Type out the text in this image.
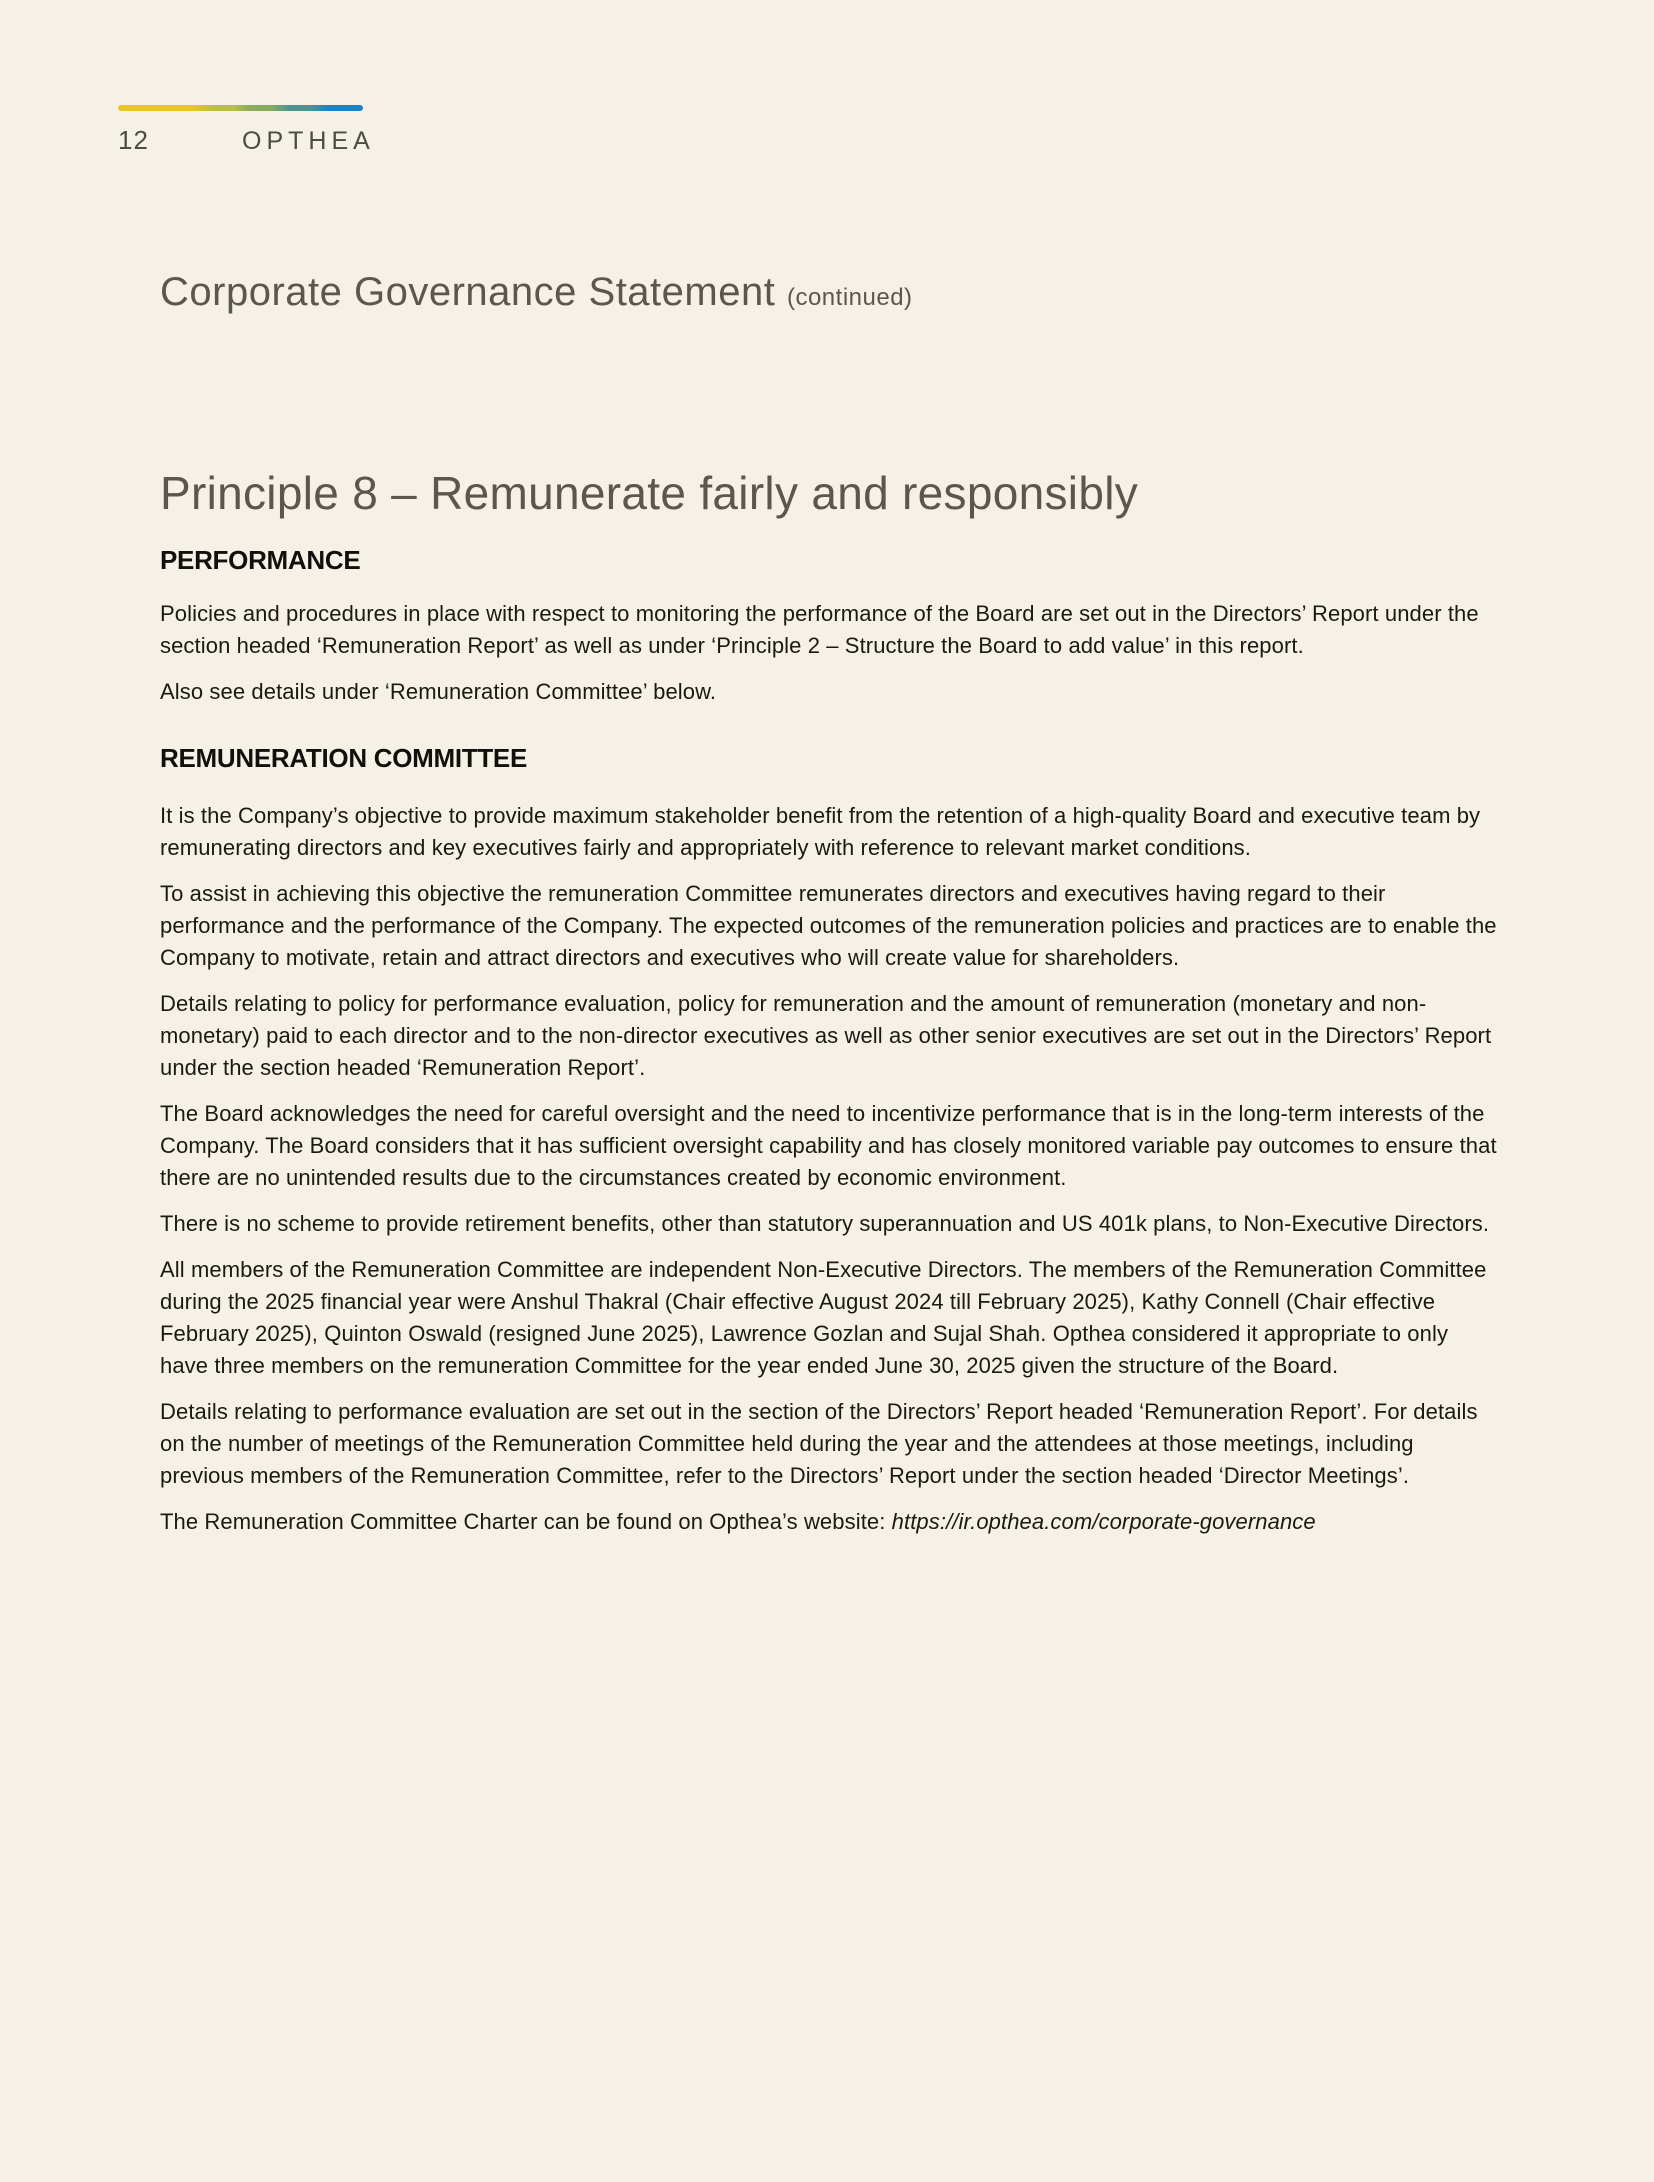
12	OPTHEA
Corporate Governance Statement (continued)
Principle 8 – Remunerate fairly and responsibly
PERFORMANCE

Policies and procedures in place with respect to monitoring the performance of the Board are set out in the Directors’ Report under the section headed ‘Remuneration Report’ as well as under ‘Principle 2 – Structure the Board to add value’ in this report.

Also see details under ‘Remuneration Committee’ below.

REMUNERATION COMMITTEE

It is the Company’s objective to provide maximum stakeholder benefit from the retention of a high-quality Board and executive team by remunerating directors and key executives fairly and appropriately with reference to relevant market conditions.

To assist in achieving this objective the remuneration Committee remunerates directors and executives having regard to their performance and the performance of the Company. The expected outcomes of the remuneration policies and practices are to enable the Company to motivate, retain and attract directors and executives who will create value for shareholders.

Details relating to policy for performance evaluation, policy for remuneration and the amount of remuneration (monetary and non-monetary) paid to each director and to the non-director executives as well as other senior executives are set out in the Directors’ Report under the section headed ‘Remuneration Report’.

The Board acknowledges the need for careful oversight and the need to incentivize performance that is in the long-term interests of the Company. The Board considers that it has sufficient oversight capability and has closely monitored variable pay outcomes to ensure that there are no unintended results due to the circumstances created by economic environment.

There is no scheme to provide retirement benefits, other than statutory superannuation and US 401k plans, to Non-Executive Directors.

All members of the Remuneration Committee are independent Non-Executive Directors. The members of the Remuneration Committee during the 2025 financial year were Anshul Thakral (Chair effective August 2024 till February 2025), Kathy Connell (Chair effective February 2025), Quinton Oswald (resigned June 2025), Lawrence Gozlan and Sujal Shah. Opthea considered it appropriate to only have three members on the remuneration Committee for the year ended June 30, 2025 given the structure of the Board.

Details relating to performance evaluation are set out in the section of the Directors’ Report headed ‘Remuneration Report’. For details on the number of meetings of the Remuneration Committee held during the year and the attendees at those meetings, including previous members of the Remuneration Committee, refer to the Directors’ Report under the section headed ‘Director Meetings’.

The Remuneration Committee Charter can be found on Opthea’s website: https://ir.opthea.com/corporate-governance
